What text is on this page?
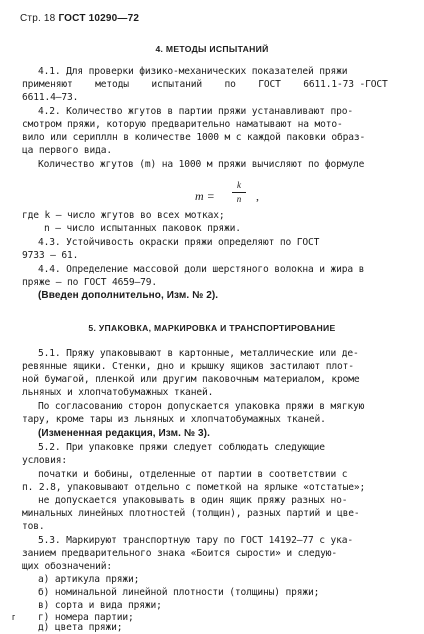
Стр. 18 ГОСТ 10290—72
4. МЕТОДЫ ИСПЫТАНИЙ
4.1. Для проверки физико-механических показателей пряжи
применяют    методы    испытаний    по    ГОСТ    6611.1-73 -ГОСТ
6611.4—73.
4.2. Количество жгутов в партии пряжи устанавливают про-
смотром пряжи, которую предварительно наматывают на мото-
вило или серипллн в количестве 1000 м с каждой паковки образ-
ца первого вида.
Количество жгутов (m) на 1000 м пряжи вычисляют по формуле
m =
k
n	,
где k — число жгутов во всех мотках;
n — число испытанных паковок пряжи.
4.3. Устойчивость окраски пряжи определяют по ГОСТ
9733 — 61.
4.4. Определение массовой доли шерстяного волокна и жира в
пряже — по ГОСТ 4659—79.
(Введен дополнительно, Изм. № 2).
5. УПАКОВКА, МАРКИРОВКА И ТРАНСПОРТИРОВАНИЕ
5.1. Пряжу упаковывают в картонные, металлические или де-
ревянные ящики. Стенки, дно и крышку ящиков застилают плот-
ной бумагой, пленкой или другим паковочным материалом, кроме
льняных и хлопчатобумажных тканей.
По согласованию сторон допускается упаковка пряжи в мягкую
тару, кроме тары из льняных и хлопчатобумажных тканей.
(Измененная редакция, Изм. № 3).
5.2. При упаковке пряжи следует соблюдать следующие
условия:
початки и бобины, отделенные от партии в соответствии с
п. 2.8, упаковывают отдельно с пометкой на ярлыке «отстатые»;
не допускается упаковывать в один ящик пряжу разных но-
минальных линейных плотностей (толщин), разных партий и цве-
тов.
5.3. Маркируют транспортную тару по ГОСТ 14192—77 с ука-
занием предварительного знака «Боится сырости» и следую-
щих обозначений:
а) артикула пряжи;
б) номинальной линейной плотности (толщины) пряжи;
в) сорта и вида пряжи;
г г) номера партии;
д) цвета пряжи;
